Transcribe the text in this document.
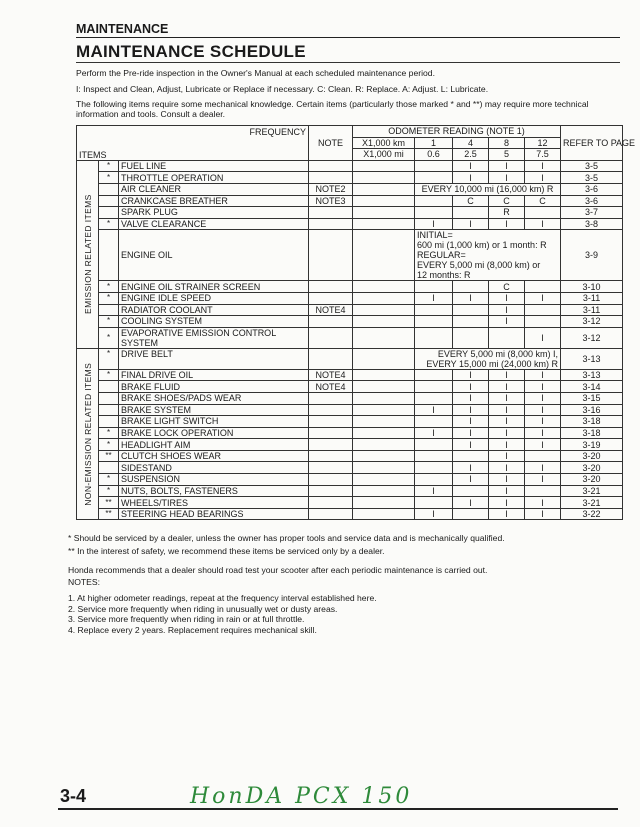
MAINTENANCE
MAINTENANCE SCHEDULE
Perform the Pre-ride inspection in the Owner's Manual at each scheduled maintenance period.
I: Inspect and Clean, Adjust, Lubricate or Replace if necessary. C: Clean. R: Replace. A: Adjust. L: Lubricate.
The following items require some mechanical knowledge. Certain items (particularly those marked * and **) may require more technical information and tools. Consult a dealer.
FREQUENCY			NOTE	ODOMETER READING (NOTE 1)					REFER TO PAGE
ITEMS				X1,000 km	1	4	8	12	
				X1,000 mi	0.6	2.5	5	7.5	
EMISSION RELATED ITEMS	*	FUEL LINE				I	I	I	3-5
	*	THROTTLE OPERATION				I	I	I	3-5
		AIR CLEANER	NOTE2		EVERY 10,000 mi (16,000 km) R				3-6
		CRANKCASE BREATHER	NOTE3			C	C	C	3-6
		SPARK PLUG					R		3-7
	*	VALVE CLEARANCE			I	I	I	I	3-8
		ENGINE OIL			INITIAL=
600 mi (1,000 km) or 1 month: R
REGULAR=
EVERY 5,000 mi (8,000 km) or
12 months: R				3-9

	*	ENGINE OIL STRAINER SCREEN					C		3-10
	*	ENGINE IDLE SPEED			I	I	I	I	3-11
		RADIATOR COOLANT	NOTE4				I		3-11
	*	COOLING SYSTEM					I		3-12
	*	EVAPORATIVE EMISSION CONTROL
SYSTEM						I	3-12

NON-EMISSION RELATED ITEMS	*	DRIVE BELT			EVERY 5,000 mi (8,000 km) I,
EVERY 15,000 mi (24,000 km) R				3-13

	*	FINAL DRIVE OIL	NOTE4			I	I	I	3-13
		BRAKE FLUID	NOTE4			I	I	I	3-14
		BRAKE SHOES/PADS WEAR				I	I	I	3-15
		BRAKE SYSTEM			I	I	I	I	3-16
		BRAKE LIGHT SWITCH				I	I	I	3-18
	*	BRAKE LOCK OPERATION			I	I	I	I	3-18
	*	HEADLIGHT AIM				I	I	I	3-19
	**	CLUTCH SHOES WEAR					I		3-20
		SIDESTAND				I	I	I	3-20
	*	SUSPENSION				I	I	I	3-20
	*	NUTS, BOLTS, FASTENERS			I		I		3-21
	**	WHEELS/TIRES				I	I	I	3-21
	**	STEERING HEAD BEARINGS			I		I	I	3-22
* Should be serviced by a dealer, unless the owner has proper tools and service data and is mechanically qualified.
** In the interest of safety, we recommend these items be serviced only by a dealer.
Honda recommends that a dealer should road test your scooter after each periodic maintenance is carried out.
NOTES:
1. At higher odometer readings, repeat at the frequency interval established here.
2. Service more frequently when riding in unusually wet or dusty areas.
3. Service more frequently when riding in rain or at full throttle.
4. Replace every 2 years. Replacement requires mechanical skill.
3-4	HonDA PCX 150
